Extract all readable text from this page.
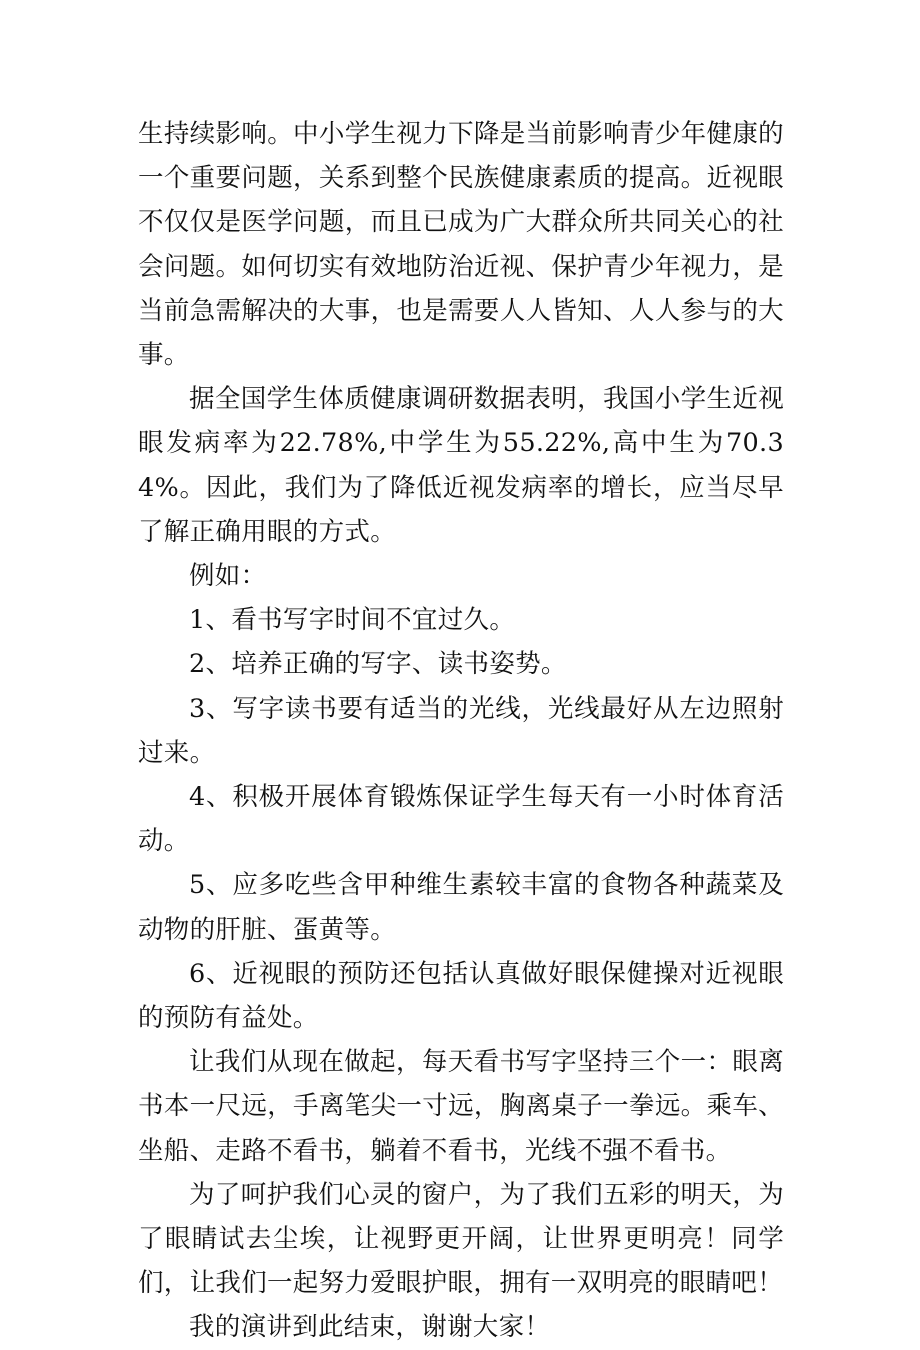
生持续影响。中小学生视力下降是当前影响青少年健康的一个重要问题，关系到整个民族健康素质的提高。近视眼不仅仅是医学问题，而且已成为广大群众所共同关心的社会问题。如何切实有效地防治近视、保护青少年视力，是当前急需解决的大事，也是需要人人皆知、人人参与的大事。

据全国学生体质健康调研数据表明，我国小学生近视眼发病率为22.78%,中学生为55.22%,高中生为70.34%。因此，我们为了降低近视发病率的增长，应当尽早了解正确用眼的方式。

例如：

1、看书写字时间不宜过久。

2、培养正确的写字、读书姿势。

3、写字读书要有适当的光线，光线最好从左边照射过来。

4、积极开展体育锻炼保证学生每天有一小时体育活动。

5、应多吃些含甲种维生素较丰富的食物各种蔬菜及动物的肝脏、蛋黄等。

6、近视眼的预防还包括认真做好眼保健操对近视眼的预防有益处。

让我们从现在做起，每天看书写字坚持三个一：眼离书本一尺远，手离笔尖一寸远，胸离桌子一拳远。乘车、坐船、走路不看书，躺着不看书，光线不强不看书。

为了呵护我们心灵的窗户，为了我们五彩的明天，为了眼睛试去尘埃，让视野更开阔，让世界更明亮！同学们，让我们一起努力爱眼护眼，拥有一双明亮的眼睛吧！

我的演讲到此结束，谢谢大家！
